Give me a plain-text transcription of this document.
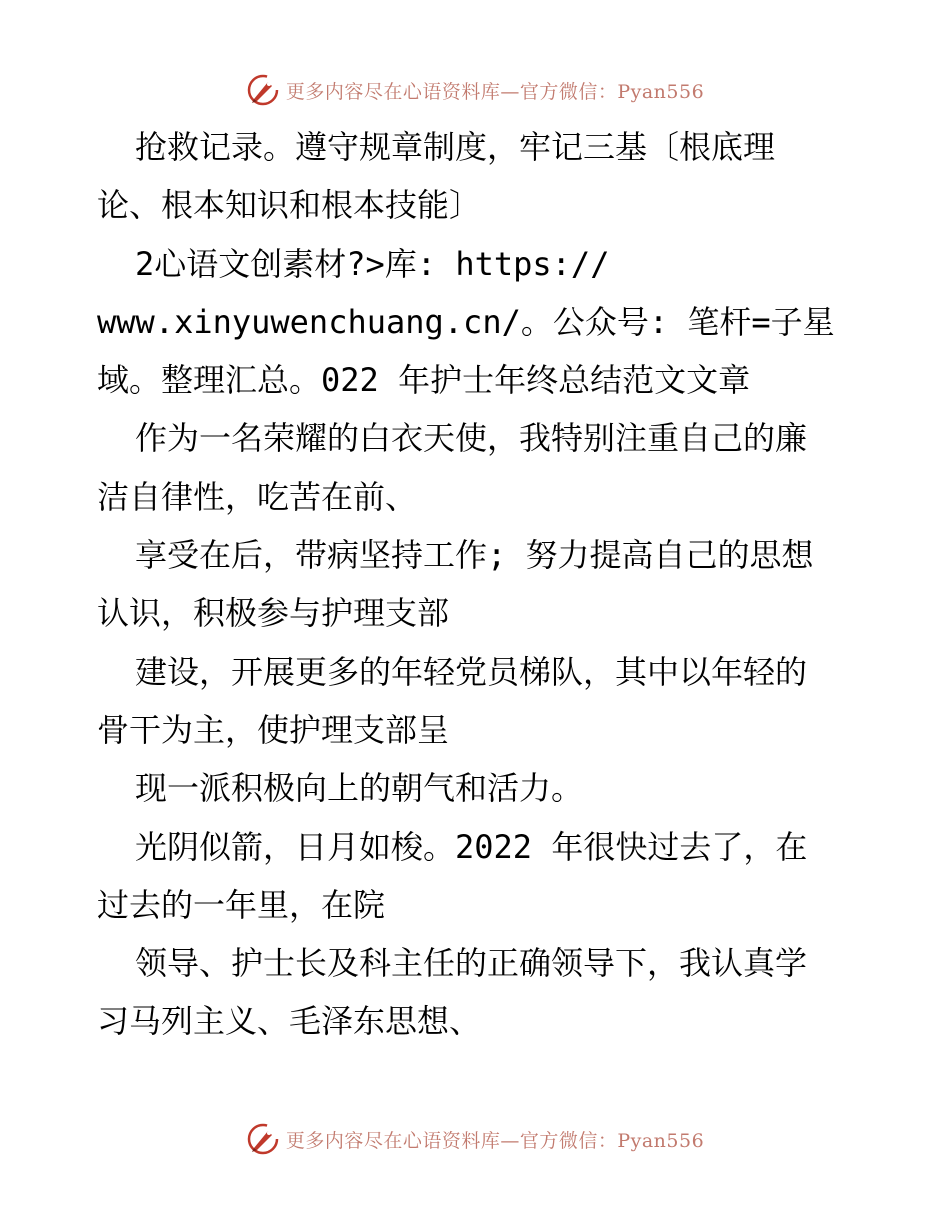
更多内容尽在心语资料库—官方微信：Pyan556

抢救记录。遵守规章制度，牢记三基〔根底理

论、根本知识和根本技能〕

2心语文创素材?>库: https://

www.xinyuwenchuang.cn/。公众号: 笔杆=子星

域。整理汇总。022 年护士年终总结范文文章

作为一名荣耀的白衣天使，我特别注重自己的廉

洁自律性，吃苦在前、

享受在后，带病坚持工作; 努力提高自己的思想

认识，积极参与护理支部

建设，开展更多的年轻党员梯队，其中以年轻的

骨干为主，使护理支部呈

现一派积极向上的朝气和活力。

光阴似箭，日月如梭。2022 年很快过去了，在

过去的一年里，在院

领导、护士长及科主任的正确领导下，我认真学

习马列主义、毛泽东思想、

更多内容尽在心语资料库—官方微信：Pyan556
